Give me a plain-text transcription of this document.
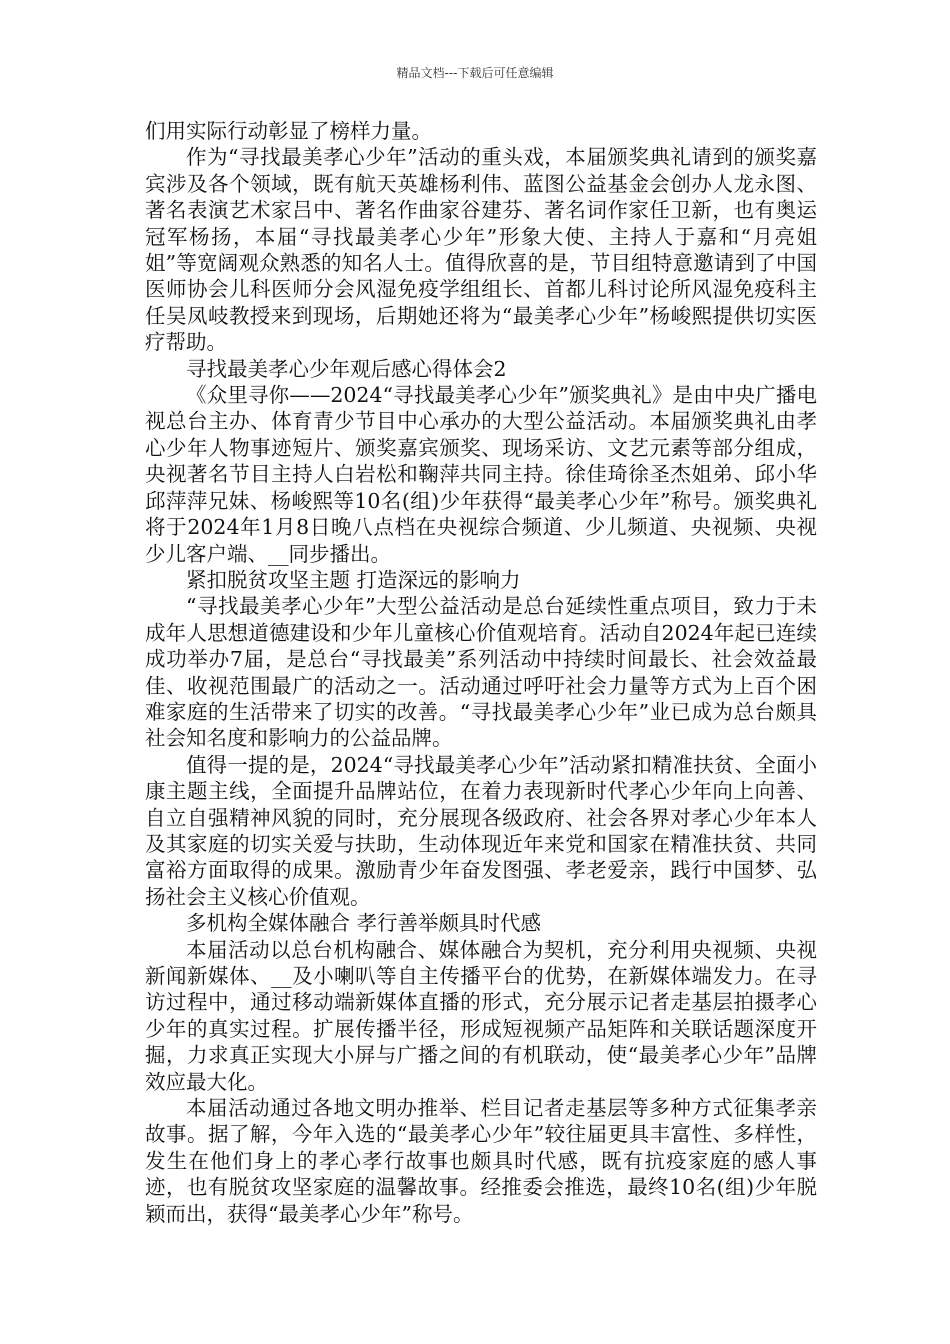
精品文档---下载后可任意编辑

们用实际行动彰显了榜样力量。

作为“寻找最美孝心少年”活动的重头戏，本届颁奖典礼请到的颁奖嘉宾涉及各个领域，既有航天英雄杨利伟、蓝图公益基金会创办人龙永图、著名表演艺术家吕中、著名作曲家谷建芬、著名词作家任卫新，也有奥运冠军杨扬，本届“寻找最美孝心少年”形象大使、主持人于嘉和“月亮姐姐”等宽阔观众熟悉的知名人士。值得欣喜的是，节目组特意邀请到了中国医师协会儿科医师分会风湿免疫学组组长、首都儿科讨论所风湿免疫科主任吴凤岐教授来到现场，后期她还将为“最美孝心少年”杨峻熙提供切实医疗帮助。

寻找最美孝心少年观后感心得体会2

《众里寻你——2024“寻找最美孝心少年”颁奖典礼》是由中央广播电视总台主办、体育青少节目中心承办的大型公益活动。本届颁奖典礼由孝心少年人物事迹短片、颁奖嘉宾颁奖、现场采访、文艺元素等部分组成，央视著名节目主持人白岩松和鞠萍共同主持。徐佳琦徐圣杰姐弟、邱小华邱萍萍兄妹、杨峻熙等10名(组)少年获得“最美孝心少年”称号。颁奖典礼将于2024年1月8日晚八点档在央视综合频道、少儿频道、央视频、央视少儿客户端、__同步播出。

紧扣脱贫攻坚主题 打造深远的影响力

“寻找最美孝心少年”大型公益活动是总台延续性重点项目，致力于未成年人思想道德建设和少年儿童核心价值观培育。活动自2024年起已连续成功举办7届，是总台“寻找最美”系列活动中持续时间最长、社会效益最佳、收视范围最广的活动之一。活动通过呼吁社会力量等方式为上百个困难家庭的生活带来了切实的改善。“寻找最美孝心少年”业已成为总台颇具社会知名度和影响力的公益品牌。

值得一提的是，2024“寻找最美孝心少年”活动紧扣精准扶贫、全面小康主题主线，全面提升品牌站位，在着力表现新时代孝心少年向上向善、自立自强精神风貌的同时，充分展现各级政府、社会各界对孝心少年本人及其家庭的切实关爱与扶助，生动体现近年来党和国家在精准扶贫、共同富裕方面取得的成果。激励青少年奋发图强、孝老爱亲，践行中国梦、弘扬社会主义核心价值观。

多机构全媒体融合 孝行善举颇具时代感

本届活动以总台机构融合、媒体融合为契机，充分利用央视频、央视新闻新媒体、__及小喇叭等自主传播平台的优势，在新媒体端发力。在寻访过程中，通过移动端新媒体直播的形式，充分展示记者走基层拍摄孝心少年的真实过程。扩展传播半径，形成短视频产品矩阵和关联话题深度开掘，力求真正实现大小屏与广播之间的有机联动，使“最美孝心少年”品牌效应最大化。

本届活动通过各地文明办推举、栏目记者走基层等多种方式征集孝亲故事。据了解，今年入选的“最美孝心少年”较往届更具丰富性、多样性，发生在他们身上的孝心孝行故事也颇具时代感，既有抗疫家庭的感人事迹，也有脱贫攻坚家庭的温馨故事。经推委会推选，最终10名(组)少年脱颖而出，获得“最美孝心少年”称号。
